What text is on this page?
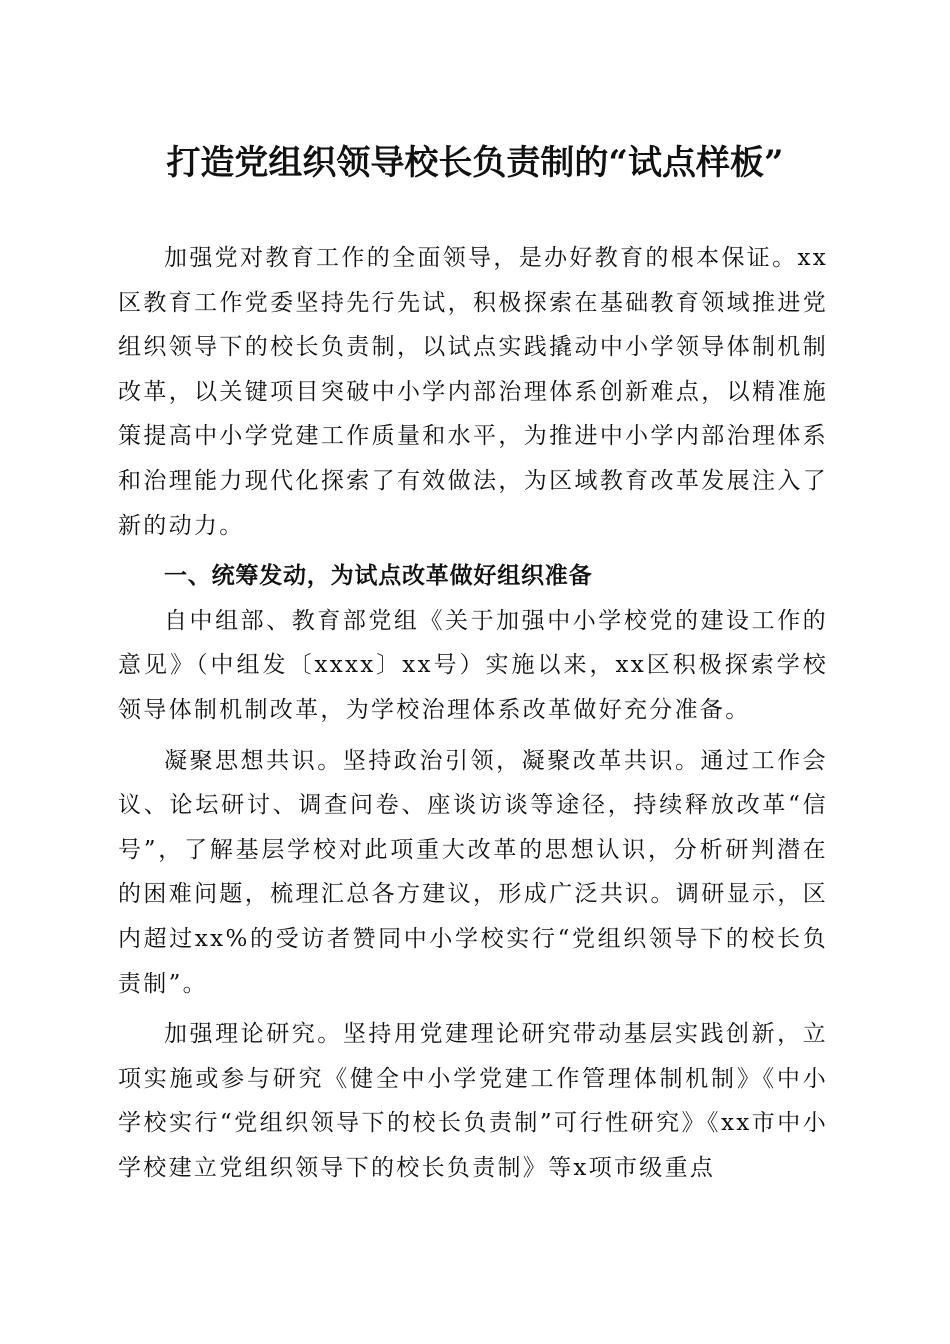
打造党组织领导校长负责制的“试点样板”

加强党对教育工作的全面领导，是办好教育的根本保证。xx区教育工作党委坚持先行先试，积极探索在基础教育领域推进党组织领导下的校长负责制，以试点实践撬动中小学领导体制机制改革，以关键项目突破中小学内部治理体系创新难点，以精准施策提高中小学党建工作质量和水平，为推进中小学内部治理体系和治理能力现代化探索了有效做法，为区域教育改革发展注入了新的动力。

一、统筹发动，为试点改革做好组织准备

自中组部、教育部党组《关于加强中小学校党的建设工作的意见》（中组发〔xxxx〕xx号）实施以来，xx区积极探索学校领导体制机制改革，为学校治理体系改革做好充分准备。

凝聚思想共识。坚持政治引领，凝聚改革共识。通过工作会议、论坛研讨、调查问卷、座谈访谈等途径，持续释放改革“信号”，了解基层学校对此项重大改革的思想认识，分析研判潜在的困难问题，梳理汇总各方建议，形成广泛共识。调研显示，区内超过xx%的受访者赞同中小学校实行“党组织领导下的校长负责制”。

加强理论研究。坚持用党建理论研究带动基层实践创新，立项实施或参与研究《健全中小学党建工作管理体制机制》《中小学校实行“党组织领导下的校长负责制”可行性研究》《xx市中小学校建立党组织领导下的校长负责制》等x项市级重点
